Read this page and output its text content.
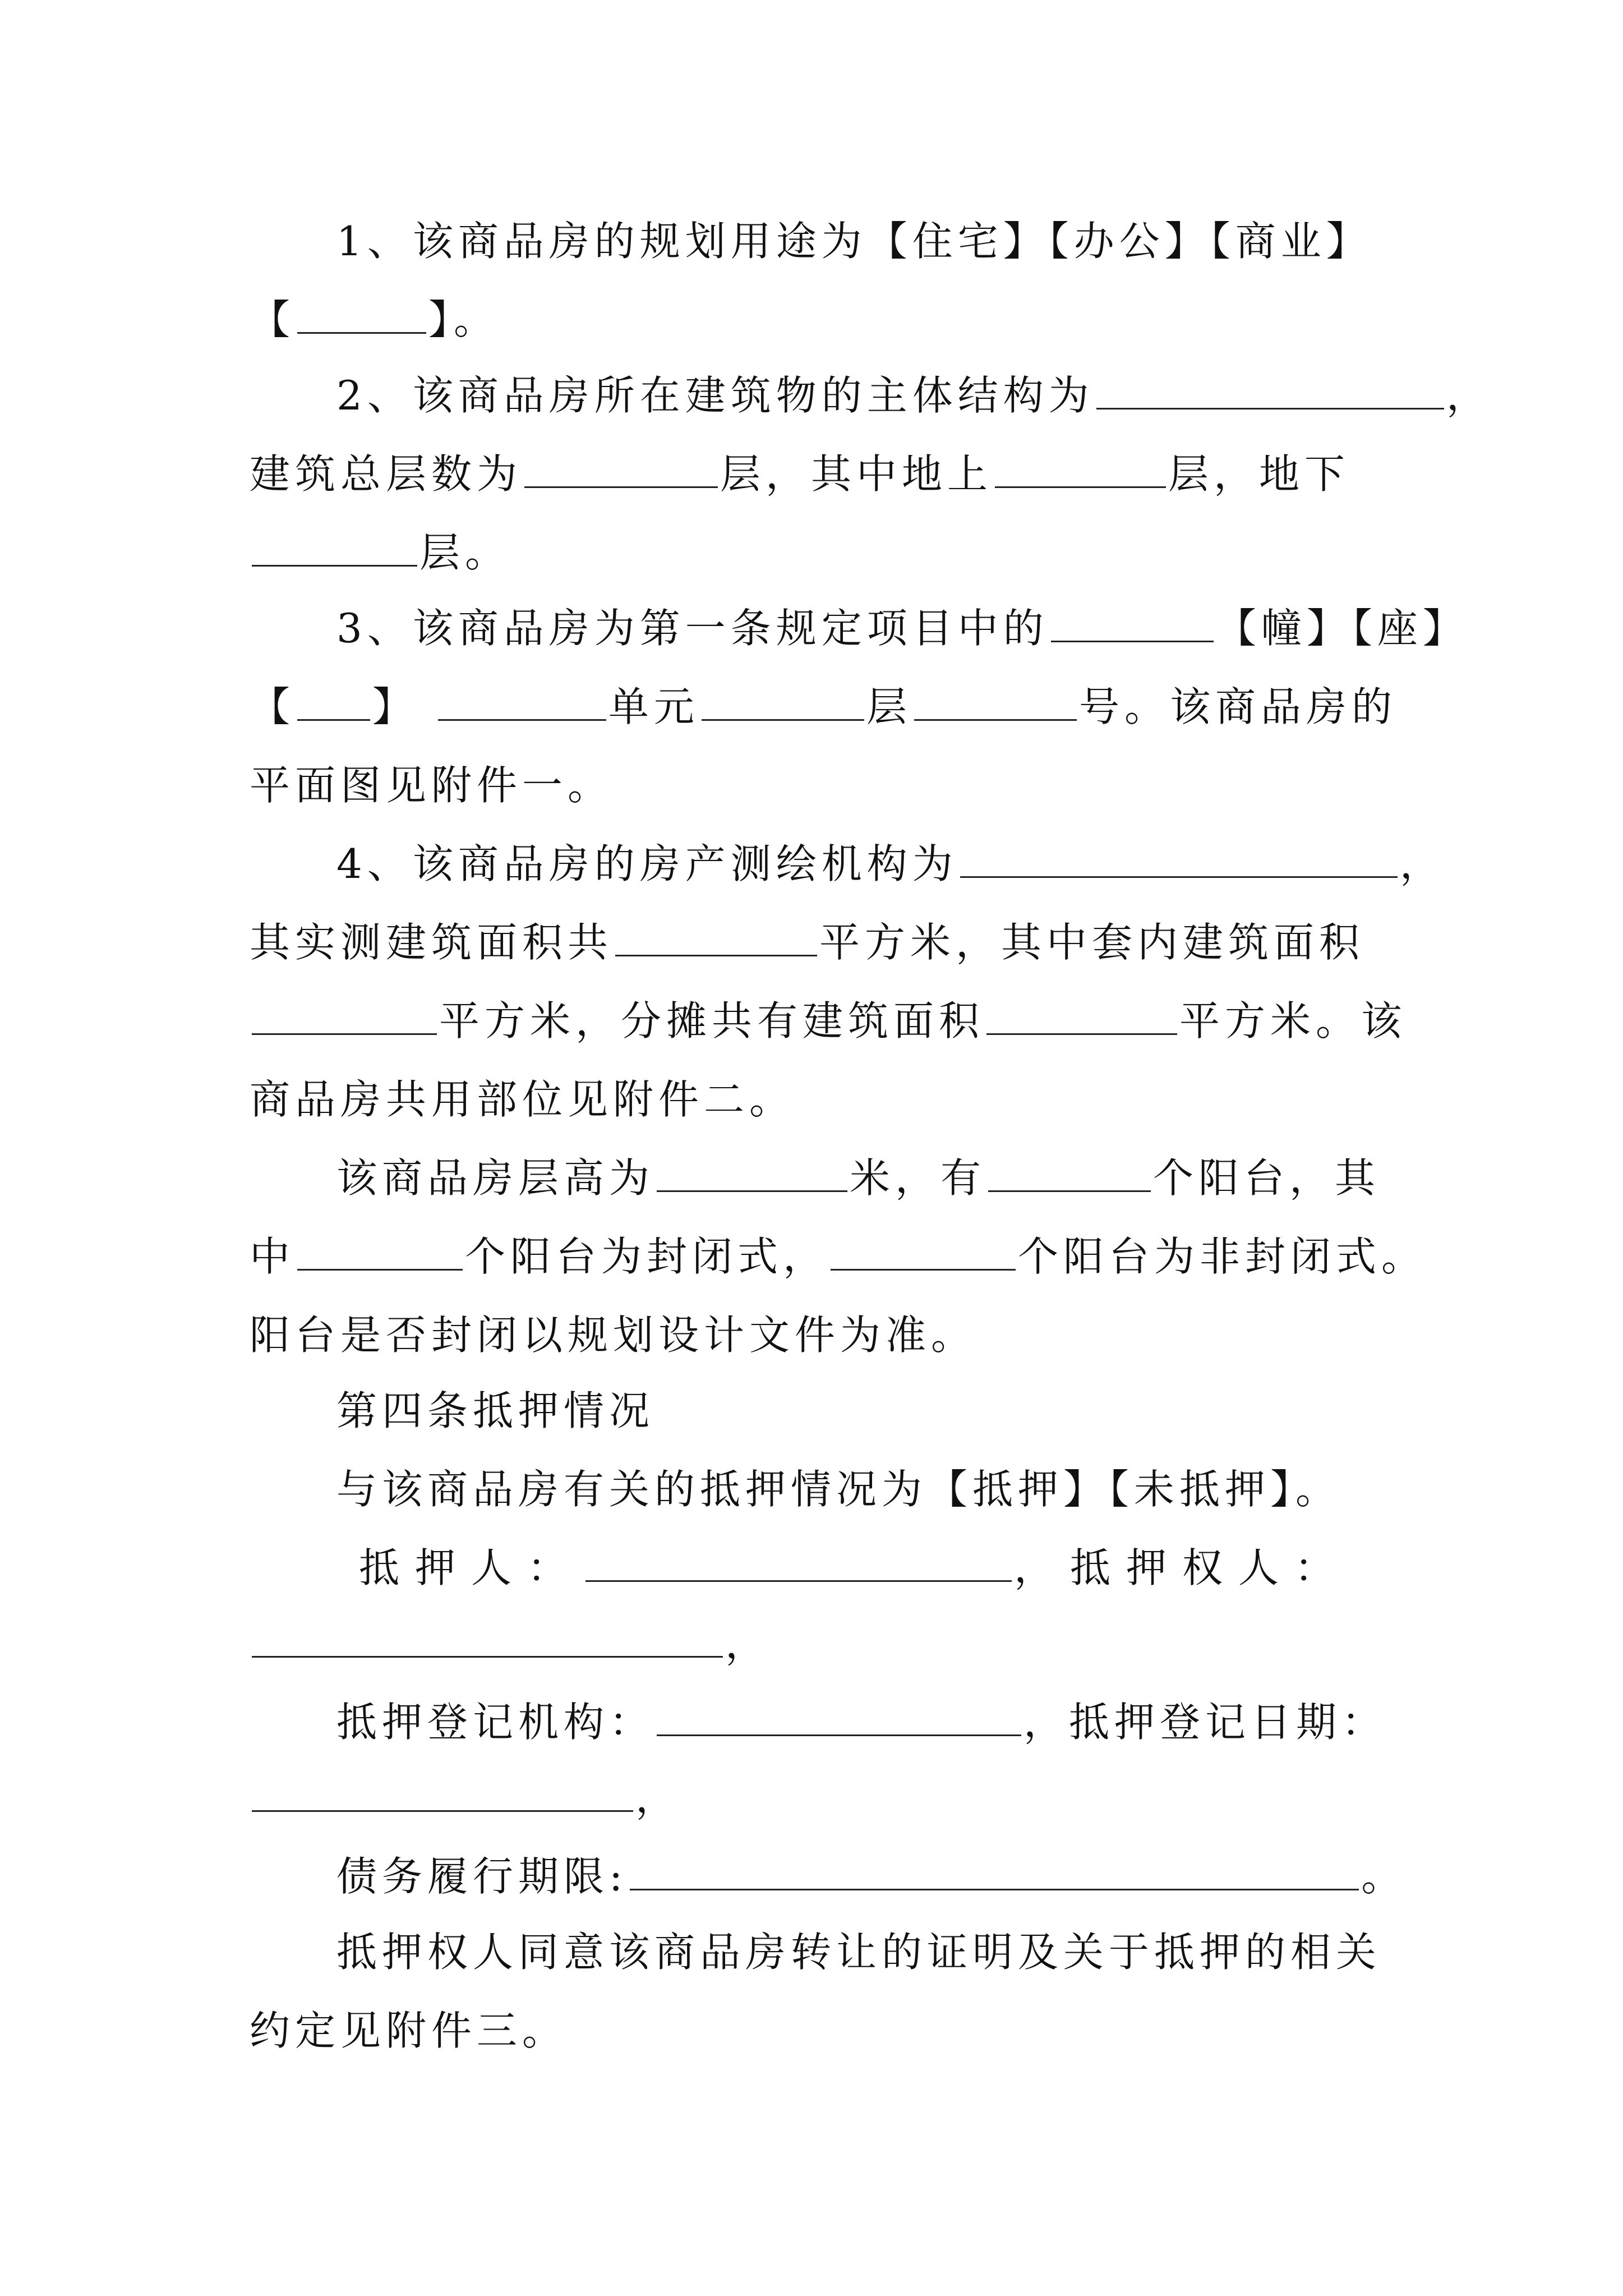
1、该商品房的规划用途为【住宅】【办公】【商业】
【	】。
2、该商品房所在建筑物的主体结构为	，
建筑总层数为	层，其中地上	层，地下
层。
3、该商品房为第一条规定项目中的	【幢】【座】
【 】	单元	层	号。该商品房的
平面图见附件一。
4、该商品房的房产测绘机构为	，
其实测建筑面积共	平方米，其中套内建筑面积
平方米，分摊共有建筑面积	平方米。该
商品房共用部位见附件二。
该商品房层高为	米，有	个阳台，其
中	个阳台为封闭式，	个阳台为非封闭式。
阳台是否封闭以规划设计文件为准。
第四条抵押情况
与该商品房有关的抵押情况为【抵押】【未抵押】。
抵押人：	，抵押权人：
，
抵押登记机构：	，抵押登记日期：
，
债务履行期限:	。
抵押权人同意该商品房转让的证明及关于抵押的相关
约定见附件三。
